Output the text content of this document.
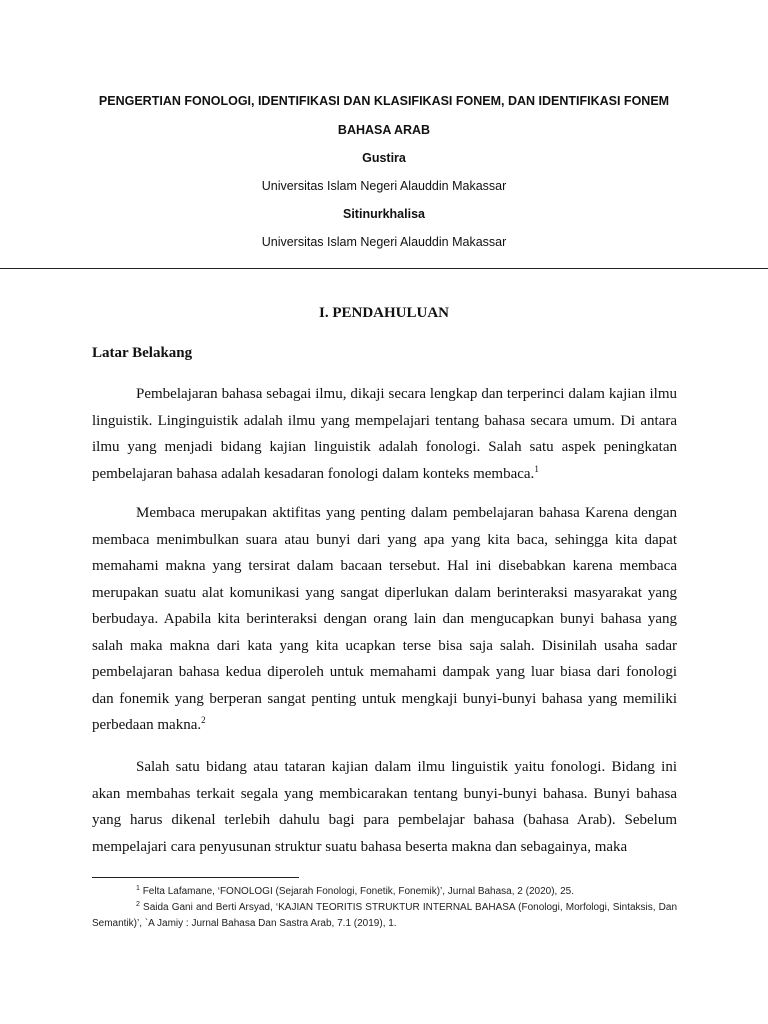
PENGERTIAN FONOLOGI, IDENTIFIKASI DAN KLASIFIKASI FONEM, DAN IDENTIFIKASI FONEM
BAHASA ARAB
Gustira
Universitas Islam Negeri Alauddin Makassar
Sitinurkhalisa
Universitas Islam Negeri Alauddin Makassar
I. PENDAHULUAN
Latar Belakang

Pembelajaran bahasa sebagai ilmu, dikaji secara lengkap dan terperinci dalam kajian ilmu linguistik. Linginguistik adalah ilmu yang mempelajari tentang bahasa secara umum. Di antara ilmu yang menjadi bidang kajian linguistik adalah fonologi. Salah satu aspek peningkatan pembelajaran bahasa adalah kesadaran fonologi dalam konteks membaca.$^1$

Membaca merupakan aktifitas yang penting dalam pembelajaran bahasa Karena dengan membaca menimbulkan suara atau bunyi dari yang apa yang kita baca, sehingga kita dapat memahami makna yang tersirat dalam bacaan tersebut. Hal ini disebabkan karena membaca merupakan suatu alat komunikasi yang sangat diperlukan dalam berinteraksi masyarakat yang berbudaya. Apabila kita berinteraksi dengan orang lain dan mengucapkan bunyi bahasa yang salah maka makna dari kata yang kita ucapkan terse bisa saja salah. Disinilah usaha sadar pembelajaran bahasa kedua diperoleh untuk memahami dampak yang luar biasa dari fonologi dan fonemik yang berperan sangat penting untuk mengkaji bunyi-bunyi bahasa yang memiliki perbedaan makna.$^2$

Salah satu bidang atau tataran kajian dalam ilmu linguistik yaitu fonologi. Bidang ini akan membahas terkait segala yang membicarakan tentang bunyi-bunyi bahasa. Bunyi bahasa yang harus dikenal terlebih dahulu bagi para pembelajar bahasa (bahasa Arab). Sebelum mempelajari cara penyusunan struktur suatu bahasa beserta makna dan sebagainya, maka

$^1$ Felta Lafamane, ‘FONOLOGI (Sejarah Fonologi, Fonetik, Fonemik)’, Jurnal Bahasa, 2 (2020), 25.

$^2$ Saida Gani and Berti Arsyad, ‘KAJIAN TEORITIS STRUKTUR INTERNAL BAHASA (Fonologi, Morfologi, Sintaksis, Dan Semantik)’, `A Jamiy : Jurnal Bahasa Dan Sastra Arab, 7.1 (2019), 1.
